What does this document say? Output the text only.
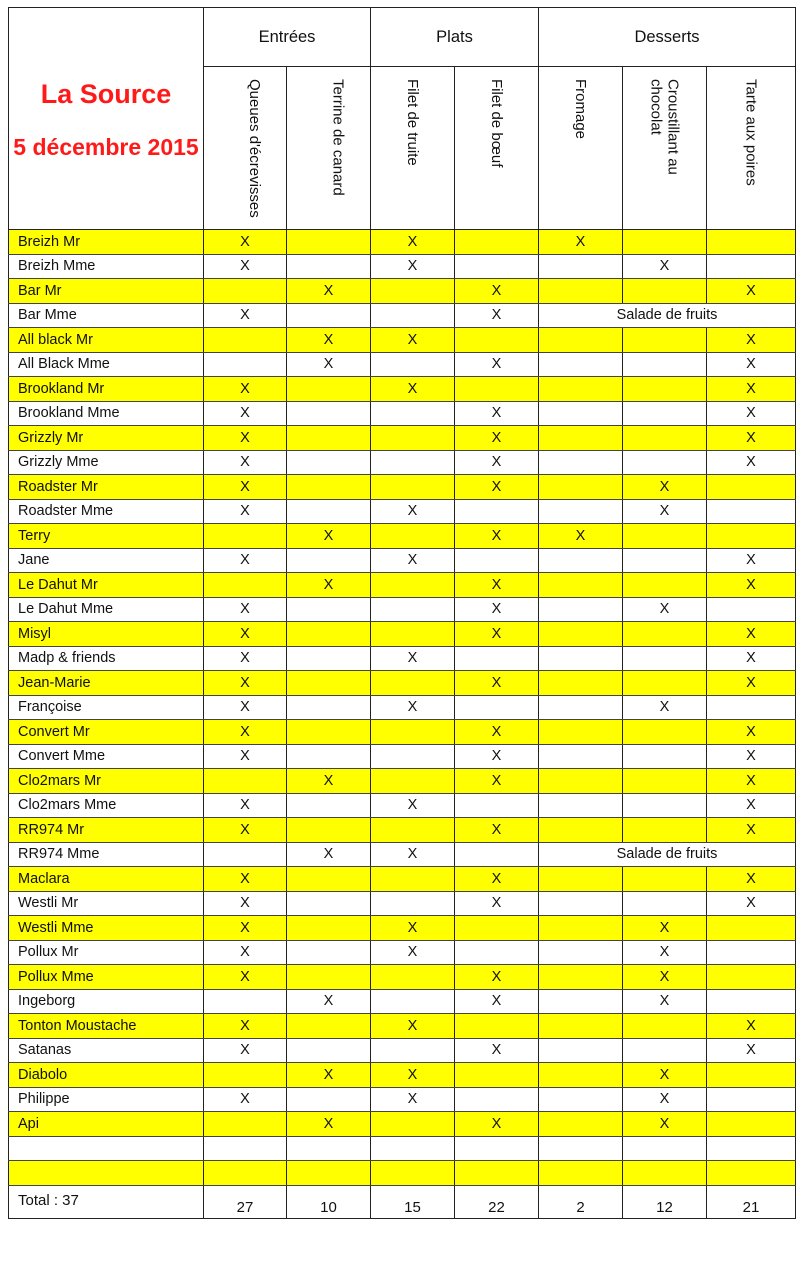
La Source
5 décembre 2015	Entrées		Plats		Desserts		

	Queues d'écrevisses	Terrine de canard	Filet de truite	Filet de bœuf	Fromage	Croustillant au chocolat	Tarte aux poires

Breizh Mr	X		X		X		
Breizh Mme	X		X			X	
Bar Mr		X		X			X
Bar Mme	X			X	Salade de fruits		
All black Mr		X	X				X
All Black Mme		X		X			X
Brookland Mr	X		X				X
Brookland Mme	X			X			X
Grizzly Mr	X			X			X
Grizzly Mme	X			X			X
Roadster Mr	X			X		X	
Roadster Mme	X		X			X	
Terry		X		X	X		
Jane	X		X				X
Le Dahut Mr		X		X			X
Le Dahut Mme	X			X		X	
Misyl	X			X			X
Madp & friends	X		X				X
Jean-Marie	X			X			X
Françoise	X		X			X	
Convert Mr	X			X			X
Convert Mme	X			X			X
Clo2mars Mr		X		X			X
Clo2mars Mme	X		X				X
RR974 Mr	X			X			X
RR974 Mme		X	X		Salade de fruits		
Maclara	X			X			X
Westli Mr	X			X			X
Westli Mme	X		X			X	
Pollux Mr	X		X			X	
Pollux Mme	X			X		X	
Ingeborg		X		X		X	
Tonton Moustache	X		X				X
Satanas	X			X			X
Diabolo		X	X			X	
Philippe	X		X			X	
Api		X		X		X	

Total : 37	27	10	15	22	2	12	21
